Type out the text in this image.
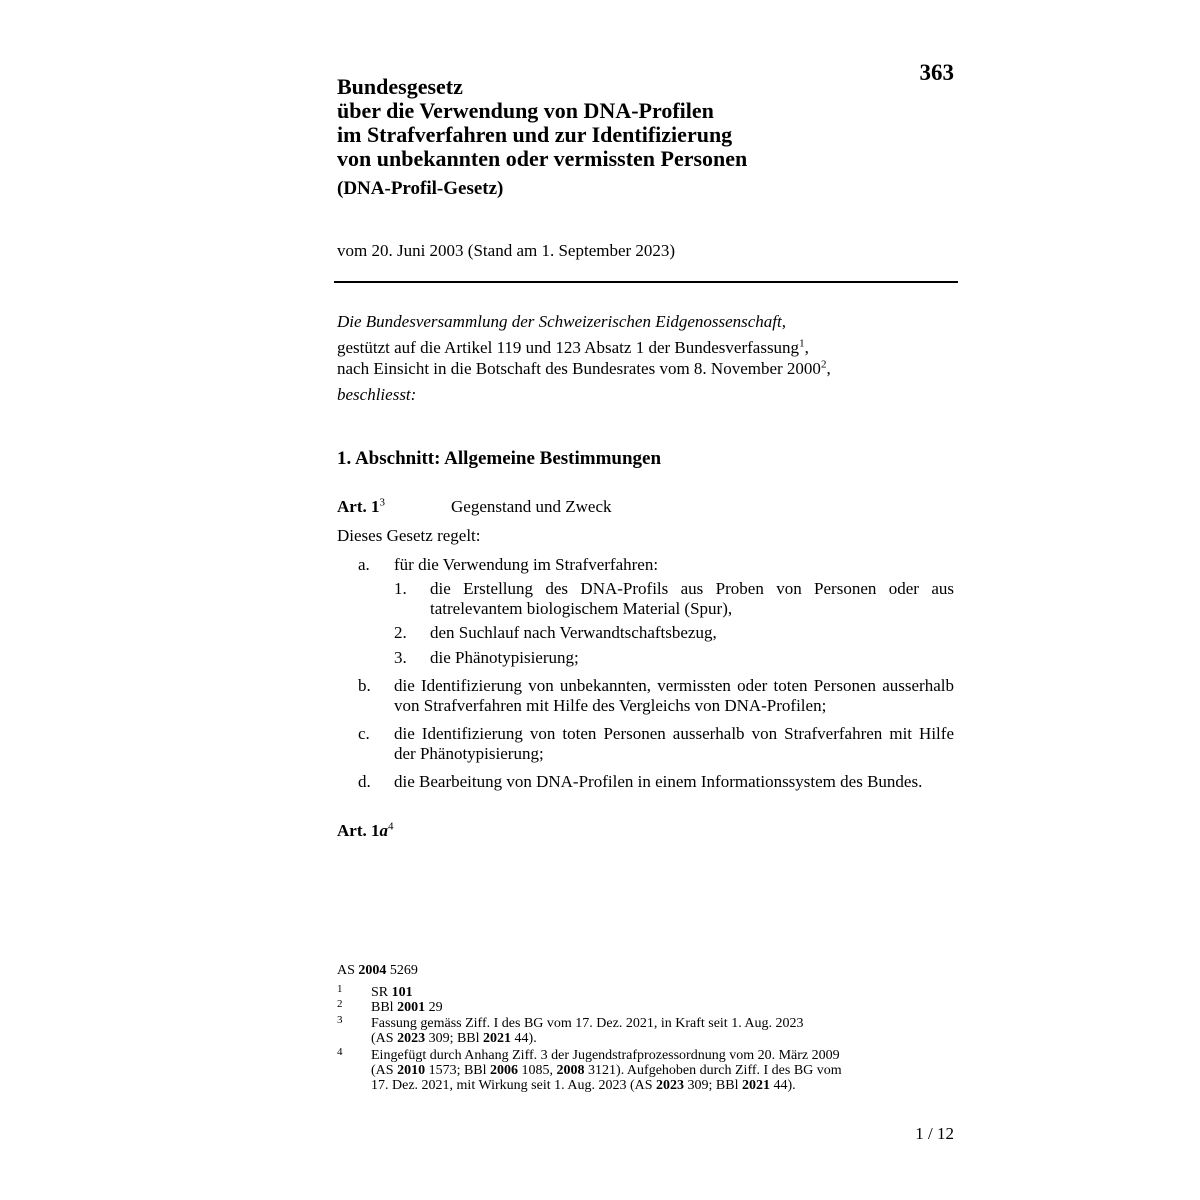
363
Bundesgesetz
über die Verwendung von DNA-Profilen
im Strafverfahren und zur Identifizierung
von unbekannten oder vermissten Personen
(DNA-Profil-Gesetz)
vom 20. Juni 2003 (Stand am 1. September 2023)
Die Bundesversammlung der Schweizerischen Eidgenossenschaft,
gestützt auf die Artikel 119 und 123 Absatz 1 der Bundesverfassung$^1$,
nach Einsicht in die Botschaft des Bundesrates vom 8. November 2000$^2$,
beschliesst:
1. Abschnitt: Allgemeine Bestimmungen
Art. $1^3$	Gegenstand und Zweck
Dieses Gesetz regelt:
a. für die Verwendung im Strafverfahren:
1. die Erstellung des DNA-Profils aus Proben von Personen oder aus tatrelevantem biologischem Material (Spur),
2. den Suchlauf nach Verwandtschaftsbezug,
3. die Phänotypisierung;
b. die Identifizierung von unbekannten, vermissten oder toten Personen ausserhalb von Strafverfahren mit Hilfe des Vergleichs von DNA-Profilen;
c. die Identifizierung von toten Personen ausserhalb von Strafverfahren mit Hilfe der Phänotypisierung;
d. die Bearbeitung von DNA-Profilen in einem Informationssystem des Bundes.
Art. $1a^4$
AS 2004 5269
1 SR 101
2 BBl 2001 29
3 Fassung gemäss Ziff. I des BG vom 17. Dez. 2021, in Kraft seit 1. Aug. 2023
(AS 2023 309; BBl 2021 44).
4 Eingefügt durch Anhang Ziff. 3 der Jugendstrafprozessordnung vom 20. März 2009
(AS 2010 1573; BBl 2006 1085, 2008 3121). Aufgehoben durch Ziff. I des BG vom
17. Dez. 2021, mit Wirkung seit 1. Aug. 2023 (AS 2023 309; BBl 2021 44).
1 / 12
